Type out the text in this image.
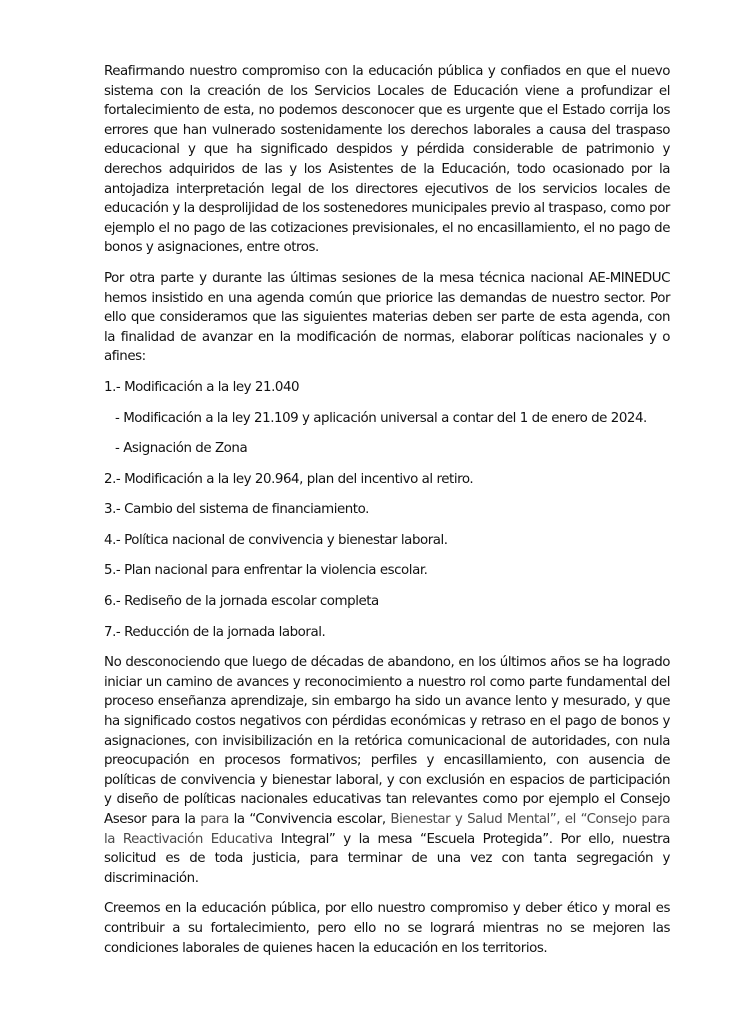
Reafirmando nuestro compromiso con la educación pública y confiados en que el nuevo sistema con la creación de los Servicios Locales de Educación viene a profundizar el fortalecimiento de esta, no podemos desconocer que es urgente que el Estado corrija los errores que han vulnerado sostenidamente los derechos laborales a causa del traspaso educacional y que ha significado despidos y pérdida considerable de patrimonio y derechos adquiridos de las y los Asistentes de la Educación, todo ocasionado por la antojadiza interpretación legal de los directores ejecutivos de los servicios locales de educación y la desprolijidad de los sostenedores municipales previo al traspaso, como por ejemplo el no pago de las cotizaciones previsionales, el no encasillamiento, el no pago de bonos y asignaciones, entre otros.

Por otra parte y durante las últimas sesiones de la mesa técnica nacional AE-MINEDUC hemos insistido en una agenda común que priorice las demandas de nuestro sector. Por ello que consideramos que las siguientes materias deben ser parte de esta agenda, con la finalidad de avanzar en la modificación de normas, elaborar políticas nacionales y o afines:

1.- Modificación a la ley 21.040
- Modificación a la ley 21.109 y aplicación universal a contar del 1 de enero de 2024.
- Asignación de Zona
2.- Modificación a la ley 20.964, plan del incentivo al retiro.
3.- Cambio del sistema de financiamiento.
4.- Política nacional de convivencia y bienestar laboral.
5.- Plan nacional para enfrentar la violencia escolar.
6.- Rediseño de la jornada escolar completa
7.- Reducción de la jornada laboral.

No desconociendo que luego de décadas de abandono, en los últimos años se ha logrado iniciar un camino de avances y reconocimiento a nuestro rol como parte fundamental del proceso enseñanza aprendizaje, sin embargo ha sido un avance lento y mesurado, y que ha significado costos negativos con pérdidas económicas y retraso en el pago de bonos y asignaciones, con invisibilización en la retórica comunicacional de autoridades, con nula preocupación en procesos formativos; perfiles y encasillamiento, con ausencia de políticas de convivencia y bienestar laboral, y con exclusión en espacios de participación y diseño de políticas nacionales educativas tan relevantes como por ejemplo el Consejo Asesor para la para la “Convivencia escolar, Bienestar y Salud Mental”, el “Consejo para la Reactivación Educativa Integral” y la mesa “Escuela Protegida”. Por ello, nuestra solicitud es de toda justicia, para terminar de una vez con tanta segregación y discriminación.

Creemos en la educación pública, por ello nuestro compromiso y deber ético y moral es contribuir a su fortalecimiento, pero ello no se logrará mientras no se mejoren las condiciones laborales de quienes hacen la educación en los territorios.
